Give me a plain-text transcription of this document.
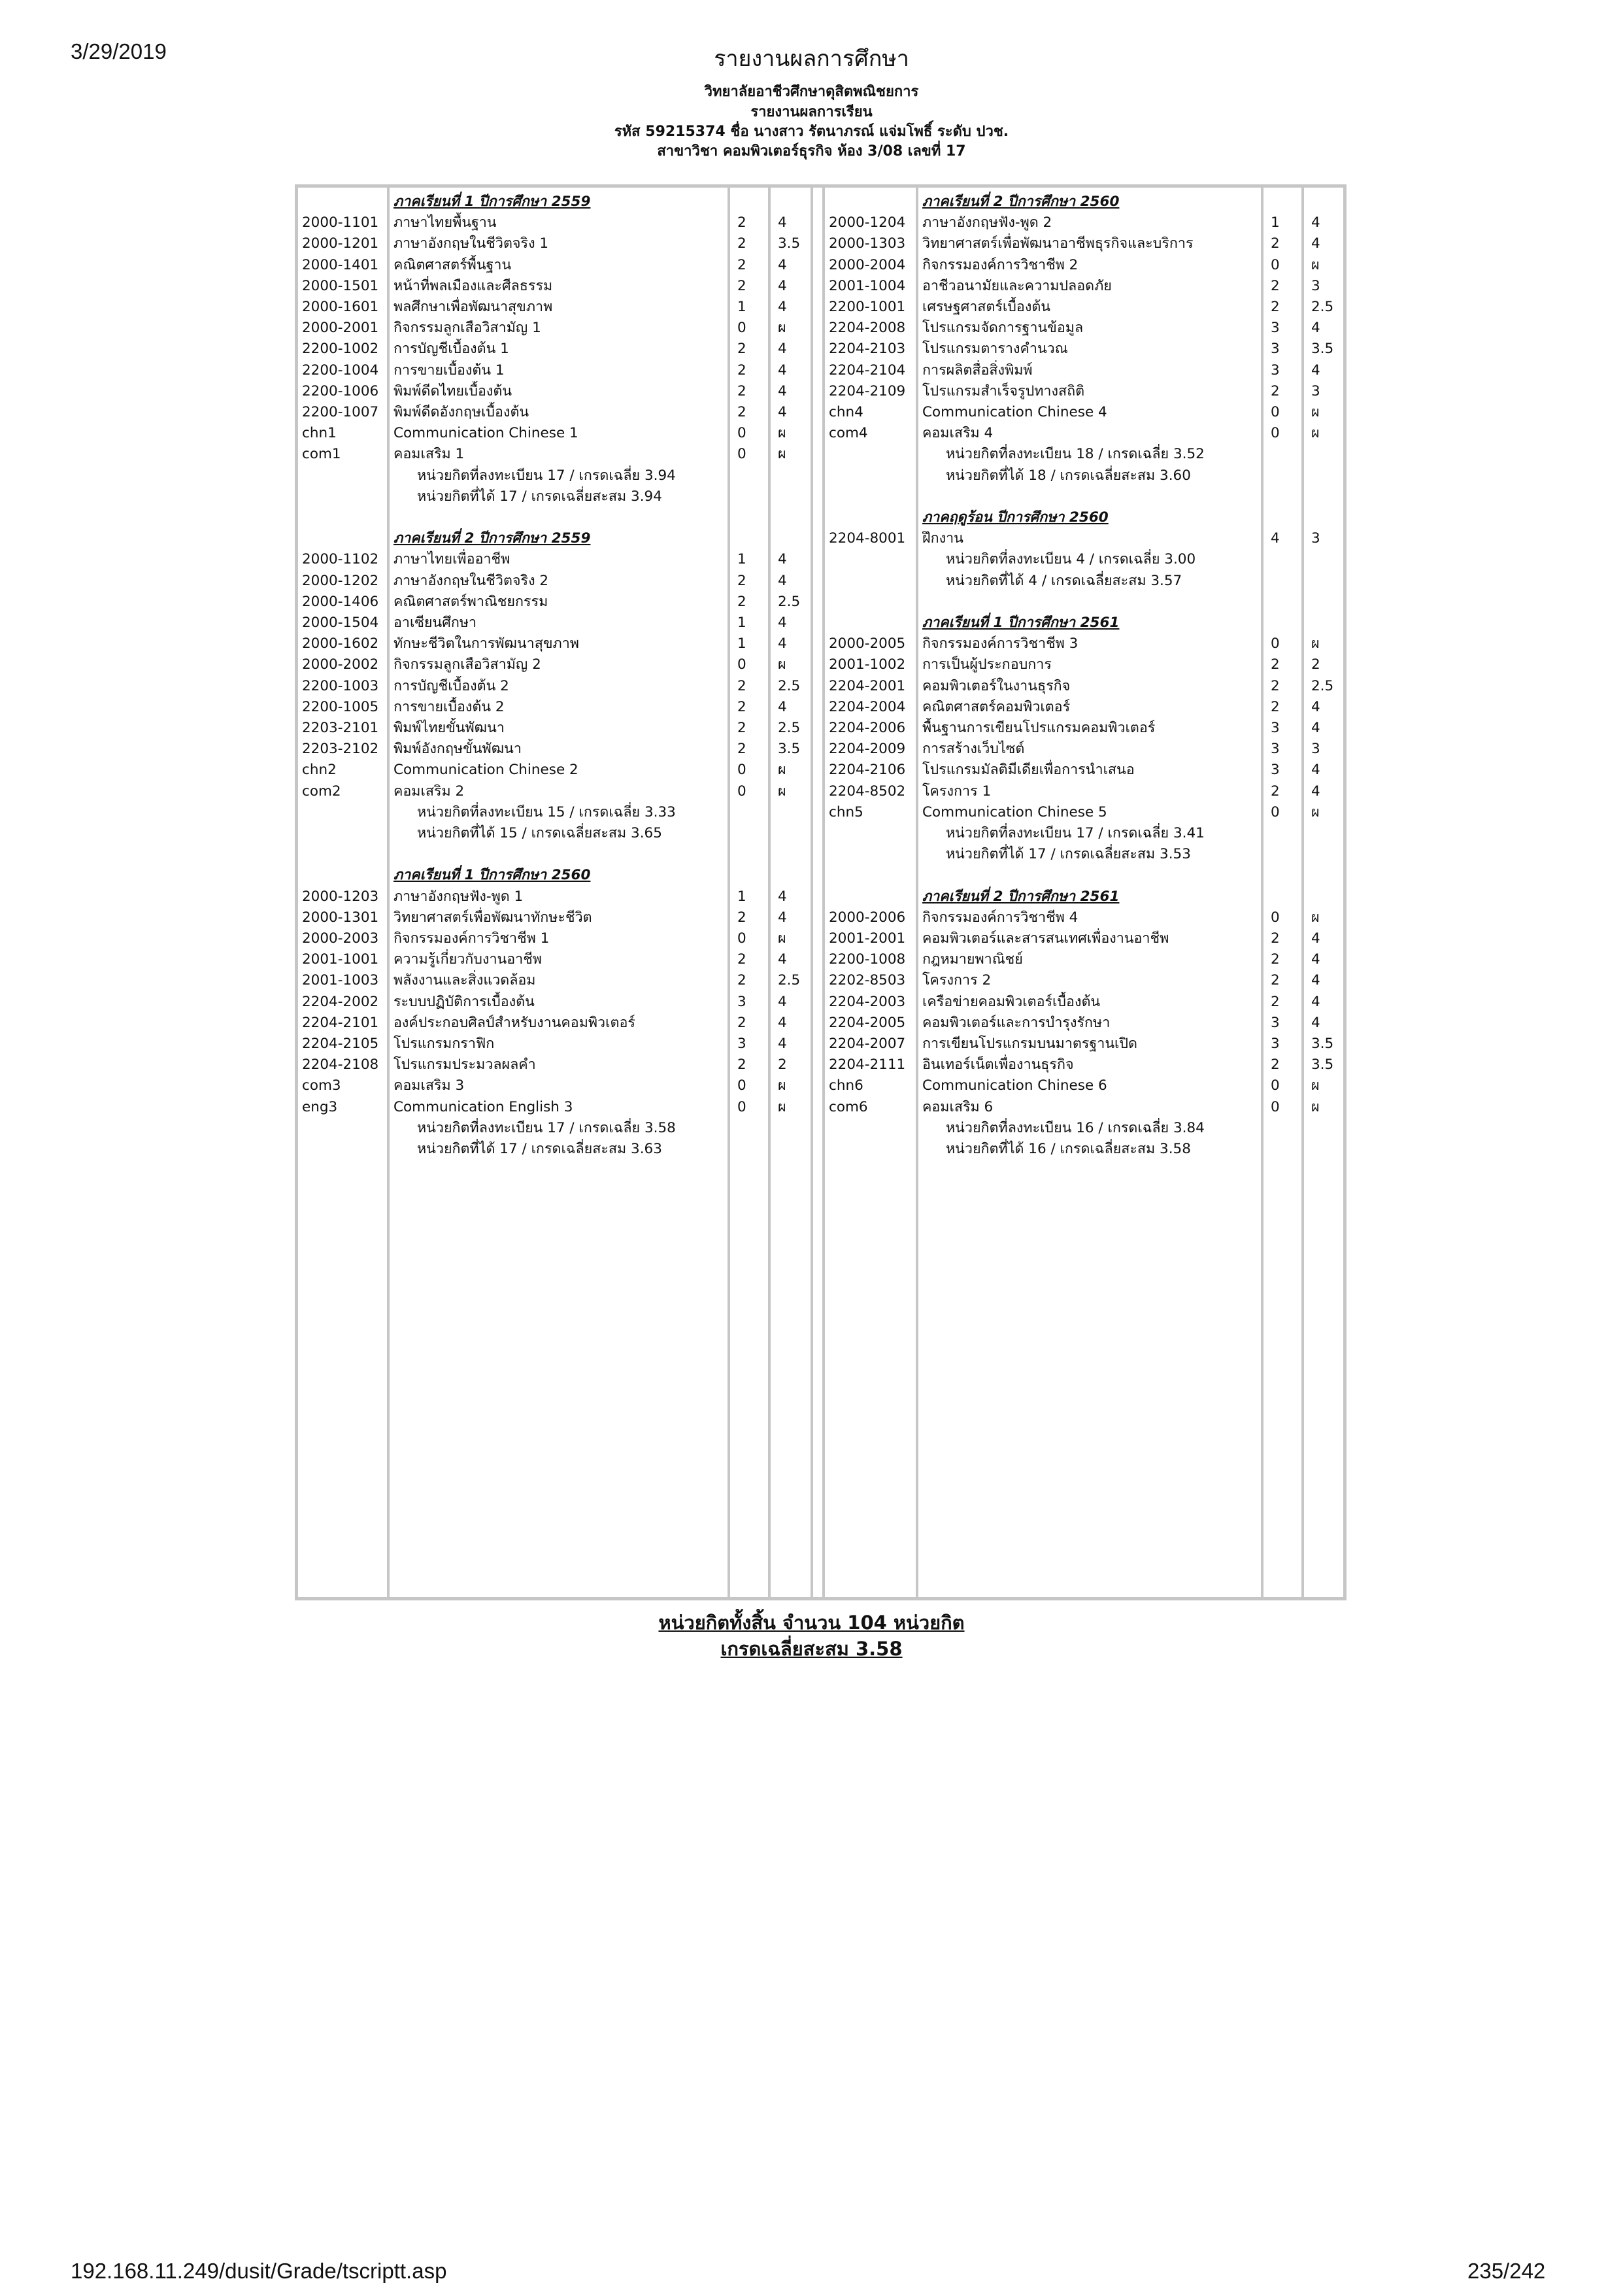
3/29/2019	รายงานผลการศึกษา
วิทยาลัยอาชีวศึกษาดุสิตพณิชยการ
รายงานผลการเรียน
รหัส 59215374 ชื่อ นางสาว รัตนาภรณ์ แจ่มโพธิ์ ระดับ ปวช.
สาขาวิชา คอมพิวเตอร์ธุรกิจ ห้อง 3/08 เลขที่ 17
ภาคเรียนที่ 1 ปีการศึกษา 2559
2000-1101	ภาษาไทยพื้นฐาน	2	4
2000-1201	ภาษาอังกฤษในชีวิตจริง 1	2	3.5
2000-1401	คณิตศาสตร์พื้นฐาน	2	4
2000-1501	หน้าที่พลเมืองและศีลธรรม	2	4
2000-1601	พลศึกษาเพื่อพัฒนาสุขภาพ	1	4
2000-2001	กิจกรรมลูกเสือวิสามัญ 1	0	ผ
2200-1002	การบัญชีเบื้องต้น 1	2	4
2200-1004	การขายเบื้องต้น 1	2	4
2200-1006	พิมพ์ดีดไทยเบื้องต้น	2	4
2200-1007	พิมพ์ดีดอังกฤษเบื้องต้น	2	4
chn1	Communication Chinese 1	0	ผ
com1	คอมเสริม 1	0	ผ
หน่วยกิตที่ลงทะเบียน 17 / เกรดเฉลี่ย 3.94
หน่วยกิตที่ได้ 17 / เกรดเฉลี่ยสะสม 3.94
ภาคเรียนที่ 2 ปีการศึกษา 2559
2000-1102	ภาษาไทยเพื่ออาชีพ	1	4
2000-1202	ภาษาอังกฤษในชีวิตจริง 2	2	4
2000-1406	คณิตศาสตร์พาณิชยกรรม	2	2.5
2000-1504	อาเซียนศึกษา	1	4
2000-1602	ทักษะชีวิตในการพัฒนาสุขภาพ	1	4
2000-2002	กิจกรรมลูกเสือวิสามัญ 2	0	ผ
2200-1003	การบัญชีเบื้องต้น 2	2	2.5
2200-1005	การขายเบื้องต้น 2	2	4
2203-2101	พิมพ์ไทยขั้นพัฒนา	2	2.5
2203-2102	พิมพ์อังกฤษขั้นพัฒนา	2	3.5
chn2	Communication Chinese 2	0	ผ
com2	คอมเสริม 2	0	ผ
หน่วยกิตที่ลงทะเบียน 15 / เกรดเฉลี่ย 3.33
หน่วยกิตที่ได้ 15 / เกรดเฉลี่ยสะสม 3.65
ภาคเรียนที่ 1 ปีการศึกษา 2560
2000-1203	ภาษาอังกฤษฟัง-พูด 1	1	4
2000-1301	วิทยาศาสตร์เพื่อพัฒนาทักษะชีวิต	2	4
2000-2003	กิจกรรมองค์การวิชาชีพ 1	0	ผ
2001-1001	ความรู้เกี่ยวกับงานอาชีพ	2	4
2001-1003	พลังงานและสิ่งแวดล้อม	2	2.5
2204-2002	ระบบปฏิบัติการเบื้องต้น	3	4
2204-2101	องค์ประกอบศิลป์สำหรับงานคอมพิวเตอร์	2	4
2204-2105	โปรแกรมกราฟิก	3	4
2204-2108	โปรแกรมประมวลผลคำ	2	2
com3	คอมเสริม 3	0	ผ
eng3	Communication English 3	0	ผ
หน่วยกิตที่ลงทะเบียน 17 / เกรดเฉลี่ย 3.58
หน่วยกิตที่ได้ 17 / เกรดเฉลี่ยสะสม 3.63
ภาคเรียนที่ 2 ปีการศึกษา 2560
2000-1204	ภาษาอังกฤษฟัง-พูด 2	1	4
2000-1303	วิทยาศาสตร์เพื่อพัฒนาอาชีพธุรกิจและบริการ	2	4
2000-2004	กิจกรรมองค์การวิชาชีพ 2	0	ผ
2001-1004	อาชีวอนามัยและความปลอดภัย	2	3
2200-1001	เศรษฐศาสตร์เบื้องต้น	2	2.5
2204-2008	โปรแกรมจัดการฐานข้อมูล	3	4
2204-2103	โปรแกรมตารางคำนวณ	3	3.5
2204-2104	การผลิตสื่อสิ่งพิมพ์	3	4
2204-2109	โปรแกรมสำเร็จรูปทางสถิติ	2	3
chn4	Communication Chinese 4	0	ผ
com4	คอมเสริม 4	0	ผ
หน่วยกิตที่ลงทะเบียน 18 / เกรดเฉลี่ย 3.52
หน่วยกิตที่ได้ 18 / เกรดเฉลี่ยสะสม 3.60
ภาคฤดูร้อน ปีการศึกษา 2560
2204-8001	ฝึกงาน	4	3
หน่วยกิตที่ลงทะเบียน 4 / เกรดเฉลี่ย 3.00
หน่วยกิตที่ได้ 4 / เกรดเฉลี่ยสะสม 3.57
ภาคเรียนที่ 1 ปีการศึกษา 2561
2000-2005	กิจกรรมองค์การวิชาชีพ 3	0	ผ
2001-1002	การเป็นผู้ประกอบการ	2	2
2204-2001	คอมพิวเตอร์ในงานธุรกิจ	2	2.5
2204-2004	คณิตศาสตร์คอมพิวเตอร์	2	4
2204-2006	พื้นฐานการเขียนโปรแกรมคอมพิวเตอร์	3	4
2204-2009	การสร้างเว็บไซต์	3	3
2204-2106	โปรแกรมมัลติมีเดียเพื่อการนำเสนอ	3	4
2204-8502	โครงการ 1	2	4
chn5	Communication Chinese 5	0	ผ
หน่วยกิตที่ลงทะเบียน 17 / เกรดเฉลี่ย 3.41
หน่วยกิตที่ได้ 17 / เกรดเฉลี่ยสะสม 3.53
ภาคเรียนที่ 2 ปีการศึกษา 2561
2000-2006	กิจกรรมองค์การวิชาชีพ 4	0	ผ
2001-2001	คอมพิวเตอร์และสารสนเทศเพื่องานอาชีพ	2	4
2200-1008	กฎหมายพาณิชย์	2	4
2202-8503	โครงการ 2	2	4
2204-2003	เครือข่ายคอมพิวเตอร์เบื้องต้น	2	4
2204-2005	คอมพิวเตอร์และการบำรุงรักษา	3	4
2204-2007	การเขียนโปรแกรมบนมาตรฐานเปิด	3	3.5
2204-2111	อินเทอร์เน็ตเพื่องานธุรกิจ	2	3.5
chn6	Communication Chinese 6	0	ผ
com6	คอมเสริม 6	0	ผ
หน่วยกิตที่ลงทะเบียน 16 / เกรดเฉลี่ย 3.84
หน่วยกิตที่ได้ 16 / เกรดเฉลี่ยสะสม 3.58
หน่วยกิตทั้งสิ้น จำนวน 104 หน่วยกิต
เกรดเฉลี่ยสะสม 3.58
192.168.11.249/dusit/Grade/tscriptt.asp	235/242
